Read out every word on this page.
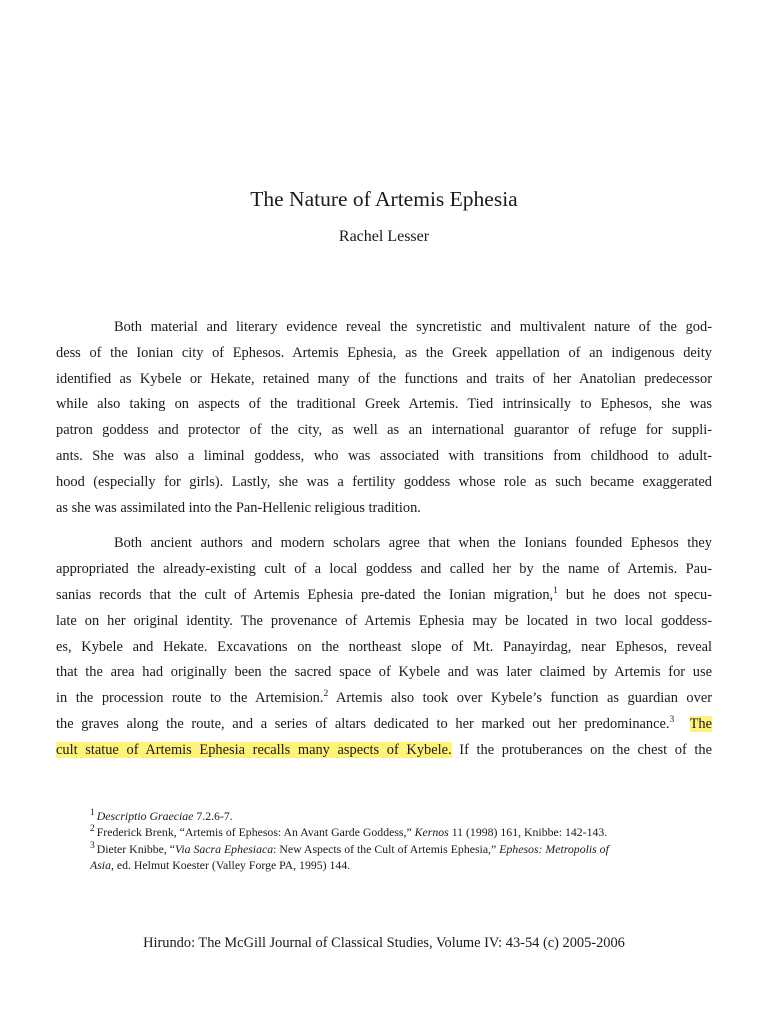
The Nature of Artemis Ephesia
Rachel Lesser
Both material and literary evidence reveal the syncretistic and multivalent nature of the god-
dess of the Ionian city of Ephesos. Artemis Ephesia, as the Greek appellation of an indigenous deity
identified as Kybele or Hekate, retained many of the functions and traits of her Anatolian predecessor
while also taking on aspects of the traditional Greek Artemis. Tied intrinsically to Ephesos, she was
patron goddess and protector of the city, as well as an international guarantor of refuge for suppli-
ants. She was also a liminal goddess, who was associated with transitions from childhood to adult-
hood (especially for girls). Lastly, she was a fertility goddess whose role as such became exaggerated
as she was assimilated into the Pan-Hellenic religious tradition.
Both ancient authors and modern scholars agree that when the Ionians founded Ephesos they
appropriated the already-existing cult of a local goddess and called her by the name of Artemis. Pau-
sanias records that the cult of Artemis Ephesia pre-dated the Ionian migration,$^1$ but he does not specu-
late on her original identity. The provenance of Artemis Ephesia may be located in two local goddess-
es, Kybele and Hekate. Excavations on the northeast slope of Mt. Panayirdag, near Ephesos, reveal
that the area had originally been the sacred space of Kybele and was later claimed by Artemis for use
in the procession route to the Artemision.$^2$ Artemis also took over Kybele’s function as guardian over
the graves along the route, and a series of altars dedicated to her marked out her predominance.$^3$ The
cult statue of Artemis Ephesia recalls many aspects of Kybele. If the protuberances on the chest of the
$^1$ Descriptio Graeciae 7.2.6-7.
$^2$ Frederick Brenk, “Artemis of Ephesos: An Avant Garde Goddess,” Kernos 11 (1998) 161, Knibbe: 142-143.
$^3$ Dieter Knibbe, “Via Sacra Ephesiaca: New Aspects of the Cult of Artemis Ephesia,” Ephesos: Metropolis of
Asia, ed. Helmut Koester (Valley Forge PA, 1995) 144.
Hirundo: The McGill Journal of Classical Studies, Volume IV: 43-54 (c) 2005-2006
